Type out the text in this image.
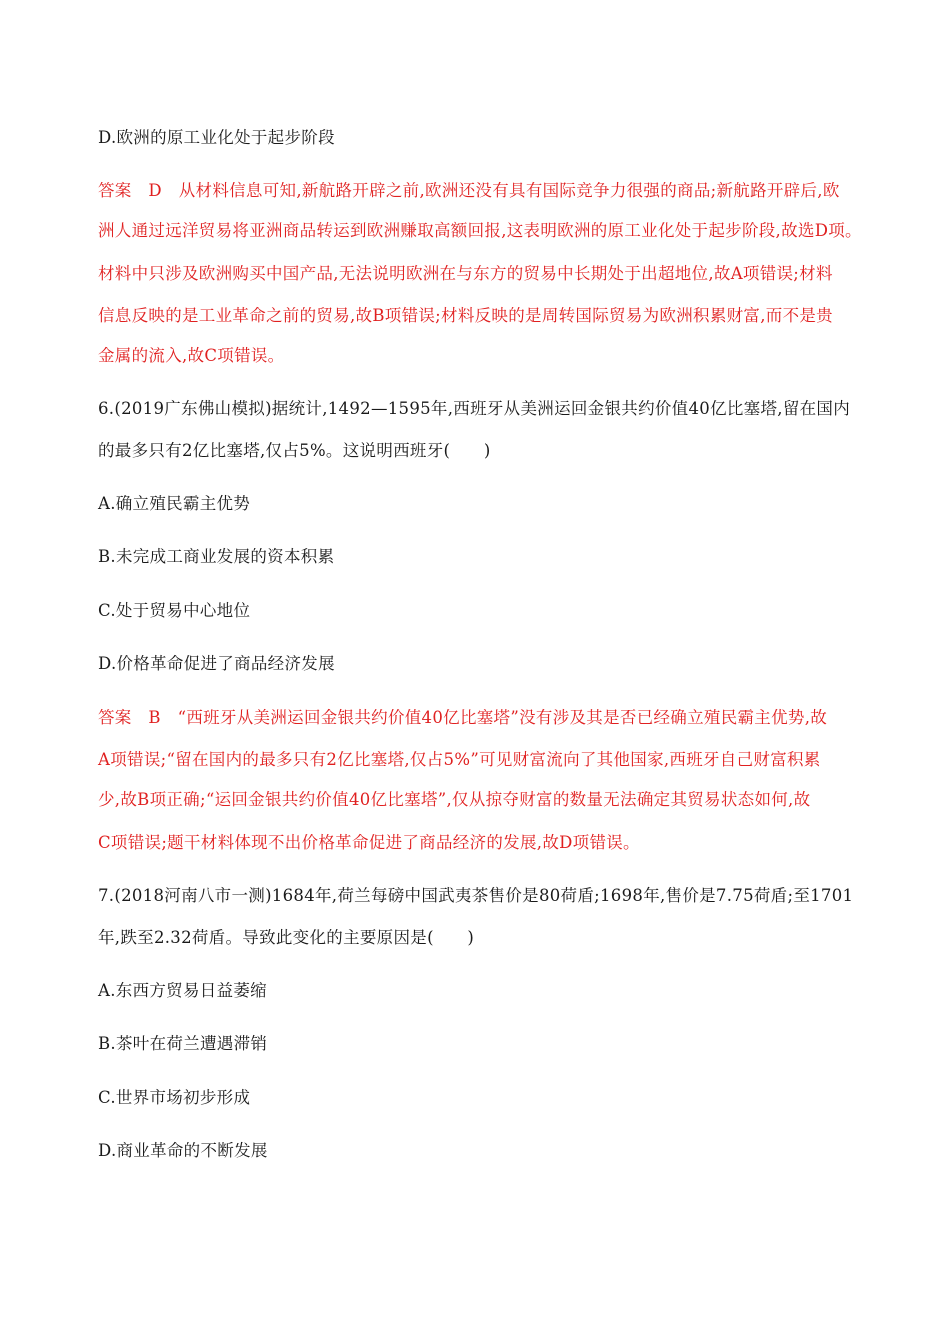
D.欧洲的原工业化处于起步阶段
答案　D　从材料信息可知,新航路开辟之前,欧洲还没有具有国际竞争力很强的商品;新航路开辟后,欧
洲人通过远洋贸易将亚洲商品转运到欧洲赚取高额回报,这表明欧洲的原工业化处于起步阶段,故选D项。
材料中只涉及欧洲购买中国产品,无法说明欧洲在与东方的贸易中长期处于出超地位,故A项错误;材料
信息反映的是工业革命之前的贸易,故B项错误;材料反映的是周转国际贸易为欧洲积累财富,而不是贵
金属的流入,故C项错误。
6.(2019广东佛山模拟)据统计,1492—1595年,西班牙从美洲运回金银共约价值40亿比塞塔,留在国内
的最多只有2亿比塞塔,仅占5%。这说明西班牙(　　)
A.确立殖民霸主优势
B.未完成工商业发展的资本积累
C.处于贸易中心地位
D.价格革命促进了商品经济发展
答案　B　“西班牙从美洲运回金银共约价值40亿比塞塔”没有涉及其是否已经确立殖民霸主优势,故
A项错误;“留在国内的最多只有2亿比塞塔,仅占5%”可见财富流向了其他国家,西班牙自己财富积累
少,故B项正确;“运回金银共约价值40亿比塞塔”,仅从掠夺财富的数量无法确定其贸易状态如何,故
C项错误;题干材料体现不出价格革命促进了商品经济的发展,故D项错误。
7.(2018河南八市一测)1684年,荷兰每磅中国武夷茶售价是80荷盾;1698年,售价是7.75荷盾;至1701
年,跌至2.32荷盾。导致此变化的主要原因是(　　)
A.东西方贸易日益萎缩
B.茶叶在荷兰遭遇滞销
C.世界市场初步形成
D.商业革命的不断发展
